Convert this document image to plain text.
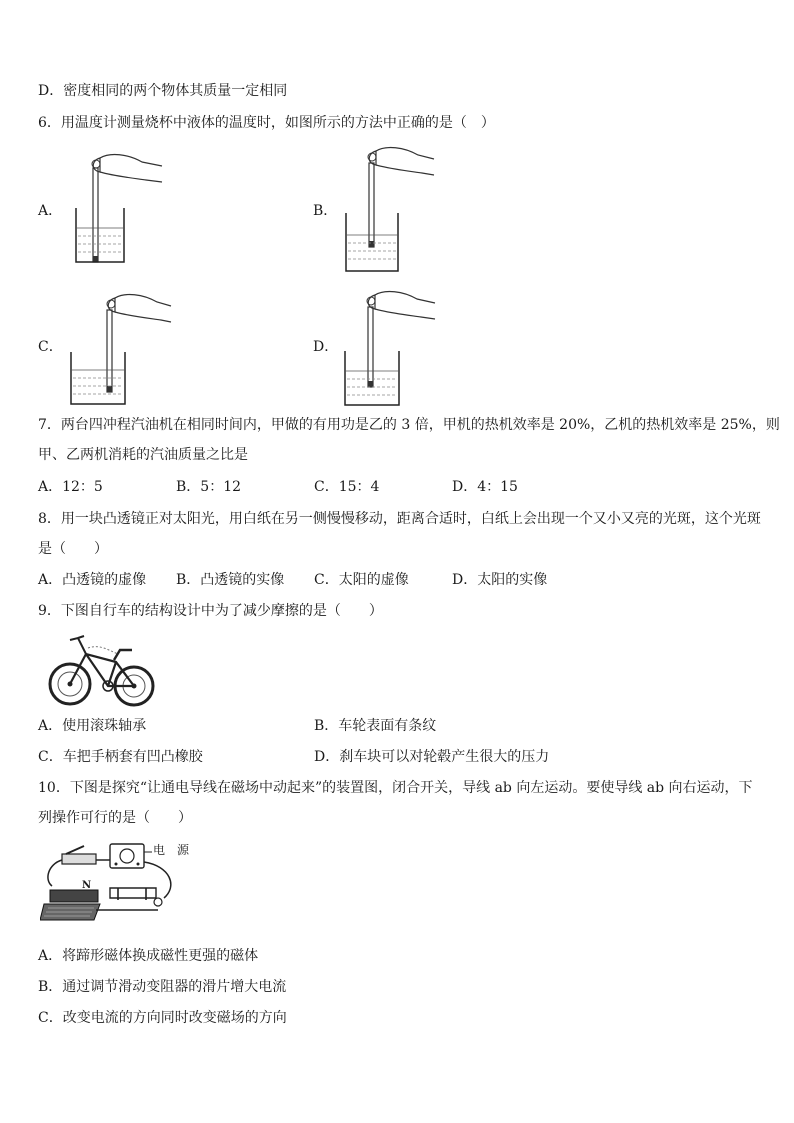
D．密度相同的两个物体其质量一定相同
6．用温度计测量烧杯中液体的温度时，如图所示的方法中正确的是（　）
A．	B．
C．	D．
7．两台四冲程汽油机在相同时间内，甲做的有用功是乙的 3 倍，甲机的热机效率是 20%，乙机的热机效率是 25%，则
甲、乙两机消耗的汽油质量之比是
A．12：5	B．5：12	C．15：4	D．4：15
8．用一块凸透镜正对太阳光，用白纸在另一侧慢慢移动，距离合适时，白纸上会出现一个又小又亮的光斑，这个光斑
是（　　）
A．凸透镜的虚像 B．凸透镜的实像 C．太阳的虚像	D．太阳的实像
9．下图自行车的结构设计中为了减少摩擦的是（　　）
A．使用滚珠轴承	B．车轮表面有条纹
C．车把手柄套有凹凸橡胶	D．刹车块可以对轮毂产生很大的压力
10．下图是探究“让通电导线在磁场中动起来”的装置图，闭合开关，导线 ab 向左运动。要使导线 ab 向右运动，下
列操作可行的是（　　）
电　源
N
A．将蹄形磁体换成磁性更强的磁体
B．通过调节滑动变阻器的滑片增大电流
C．改变电流的方向同时改变磁场的方向
